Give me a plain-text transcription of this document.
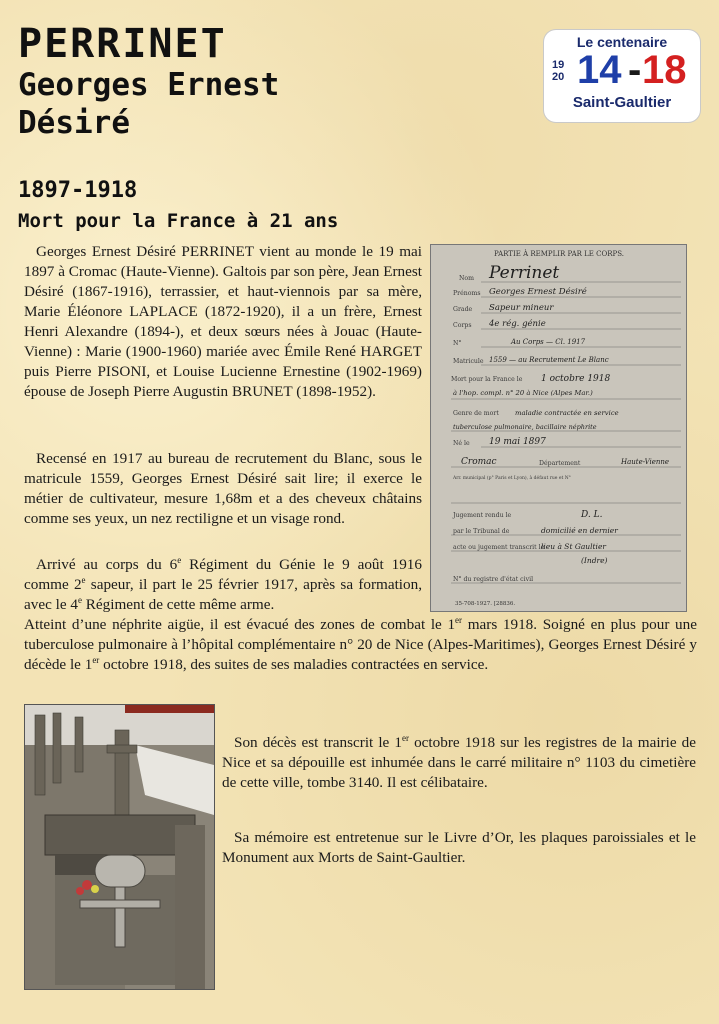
PERRINET
Georges Ernest
Désiré
1897-1918
Mort pour la France à 21 ans
Le centenaire
19
20 14 - 18
Saint-Gaultier

Georges Ernest Désiré PERRINET vient au monde le 19 mai 1897 à Cromac (Haute-Vienne). Galtois par son père, Jean Ernest Désiré (1867-1916), terrassier, et haut-viennois par sa mère, Marie Éléonore LAPLACE (1872-1920), il a un frère, Ernest Henri Alexandre (1894-), et deux sœurs nées à Jouac (Haute-Vienne) : Marie (1900-1960) mariée avec Émile René HARGET puis Pierre PISONI, et Louise Lucienne Ernestine (1902-1969) épouse de Joseph Pierre Augustin BRUNET (1898-1952).

Recensé en 1917 au bureau de recrutement du Blanc, sous le matricule 1559, Georges Ernest Désiré sait lire; il exerce le métier de cultivateur, mesure 1,68m et a des cheveux châtains comme ses yeux, un nez rectiligne et un visage rond.

Arrivé au corps du 6e Régiment du Génie le 9 août 1916 comme 2e sapeur, il part le 25 février 1917, après sa formation, avec le 4e Régiment de cette même arme.

Atteint d’une néphrite aigüe, il est évacué des zones de combat le 1er mars 1918. Soigné en plus pour une tuberculose pulmonaire à l’hôpital complémentaire n° 20 de Nice (Alpes-Maritimes), Georges Ernest Désiré y décède le 1er octobre 1918, des suites de ses maladies contractées en service.

Son décès est transcrit le 1er octobre 1918 sur les registres de la mairie de Nice et sa dépouille est inhumée dans le carré militaire n° 1103 du cimetière de cette ville, tombe 3140. Il est célibataire.

Sa mémoire est entretenue sur le Livre d’Or, les plaques paroissiales et le Monument aux Morts de Saint-Gaultier.

PARTIE À REMPLIR PAR LE CORPS.
Nom
Prénoms
Grade
Corps
N°
Matricule
Mort pour la France le
Genre de mort
Né le
Département
Arr. municipal (p° Paris et Lyon), à défaut rue et N°
Jugement rendu le
par le Tribunal de
acte ou jugement transcrit le
N° du registre d'état civil
Perrinet
Georges Ernest Désiré
Sapeur mineur
4e rég. génie
Au Corps — Cl. 1917
1559 — au Recrutement Le Blanc
1 octobre 1918
à l'hop. compl. n° 20 à Nice (Alpes Mar.)
maladie contractée en service
tuberculose pulmonaire, bacillaire néphrite
19 mai 1897
Cromac	Haute-Vienne
D. L.
domicilié en dernier
lieu à St Gaultier
(Indre)
35-708-1927. [28836.
